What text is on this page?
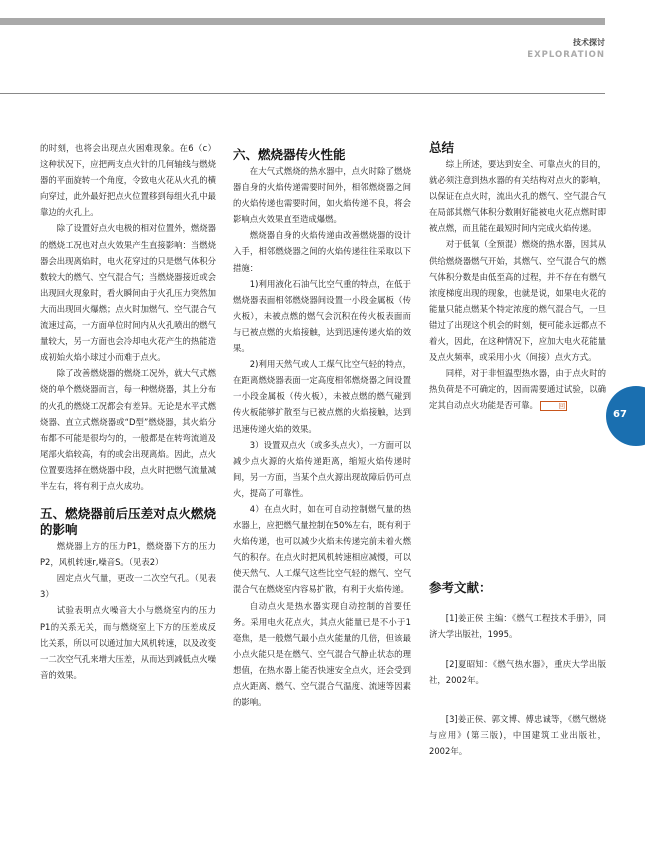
技术探讨
EXPLORATION
67

的时刻，也将会出现点火困难现象。在6（c）这种状况下，应把两支点火针的几何轴线与燃烧器的平面旋转一个角度，令致电火花从火孔的横向穿过，此外最好把点火位置移到每组火孔中最靠边的火孔上。

除了设置好点火电极的相对位置外，燃烧器的燃烧工况也对点火效果产生直接影响：当燃烧器会出现离焰时，电火花穿过的只是燃气体积分数较大的燃气、空气混合气；当燃烧器接近或会出现回火现象时，看火瞬间由于火孔压力突然加大而出现回火爆燃；点火时加燃气、空气混合气流速过高，一方面单位时间内从火孔喷出的燃气量较大，另一方面也会冷却电火花产生的热能造成初始火焰小球过小而难于点火。

除了改善燃烧器的燃烧工况外，就大气式燃烧的单个燃烧器而言，每一种燃烧器，其上分布的火孔的燃烧工况都会有差异。无论是水平式燃烧器、直立式燃烧器或“D型”燃烧器，其火焰分布都不可能是很均匀的，一般都是在转弯流道及尾部火焰较高，有的或会出现离焰。因此，点火位置要选择在燃烧器中段，点火时把燃气流量减半左右，将有利于点火成功。

五、燃烧器前后压差对点火燃烧的影响

燃烧器上方的压力P1，燃烧器下方的压力P2，风机转速r,噪音S。（见表2）

固定点火气量，更改一二次空气孔。（见表3）

试验表明点火噪音大小与燃烧室内的压力P1的关系无关，而与燃烧室上下方的压差成反比关系，所以可以通过加大风机转速，以及改变一二次空气孔来增大压差，从而达到减低点火噪音的效果。

六、燃烧器传火性能

在大气式燃烧的热水器中，点火时除了燃烧器自身的火焰传递需要时间外，相邻燃烧器之间的火焰传递也需要时间，如火焰传递不良，将会影响点火效果直至造成爆燃。

燃烧器自身的火焰传递由改善燃烧器的设计入手，相邻燃烧器之间的火焰传递往往采取以下措施：

1)利用液化石油气比空气重的特点，在低于燃烧器表面相邻燃烧器间设置一小段金属板（传火板），未被点燃的燃气会沉积在传火板表面而与已被点燃的火焰接触，达到迅速传递火焰的效果。

2)利用天然气或人工煤气比空气轻的特点，在距离燃烧器表面一定高度相邻燃烧器之间设置一小段金属板（传火板），未被点燃的燃气碰到传火板能够扩散至与已被点燃的火焰接触，达到迅速传递火焰的效果。

3）设置双点火（或多头点火），一方面可以减少点火源的火焰传递距离，缩短火焰传递时间，另一方面，当某个点火源出现故障后仍可点火，提高了可靠性。

4）在点火时，如在可自动控制燃气量的热水器上，应把燃气量控制在50%左右，既有利于火焰传递，也可以减少火焰未传递完前未着火燃气的积存。在点火时把风机转速相应减慢，可以使天然气、人工煤气这些比空气轻的燃气、空气混合气在燃烧室内容易扩散，有利于火焰传递。

自动点火是热水器实现自动控制的首要任务。采用电火花点火，其点火能量已是不小于1毫焦，是一般燃气最小点火能量的几倍，但该最小点火能只是在燃气、空气混合气静止状态的理想值，在热水器上能否快速安全点火，还会受到点火距离、燃气、空气混合气温度、流速等因素的影响。

总结

综上所述，要达到安全、可靠点火的目的，就必须注意到热水器的有关结构对点火的影响，以保证在点火时，流出火孔的燃气、空气混合气在局部其燃气体积分数刚好能被电火花点燃时即被点燃，而且能在最短时间内完成火焰传递。

对于低氧（全预混）燃烧的热水器，因其从供给燃烧器燃气开始，其燃气、空气混合气的燃气体积分数是由低至高的过程，并不存在有燃气浓度梯度出现的现象，也就是说，如果电火花的能量只能点燃某个特定浓度的燃气混合气，一旦错过了出现这个机会的时刻，便可能永远都点不着火，因此，在这种情况下，应加大电火花能量及点火频率，或采用小火（间接）点火方式。

同样，对于非恒温型热水器，由于点火时的热负荷是不可确定的，因而需要通过试验，以确定其自动点火功能是否可靠。	回

参考文献：
[1]姜正侯 主编：《燃气工程技术手册》，同济大学出版社，1995。
[2]夏昭知：《燃气热水器》，重庆大学出版社，2002年。
[3]姜正侯、郭文博、傅忠诚等，《燃气燃烧与应用》(第三版)，中国建筑工业出版社，2002年。
